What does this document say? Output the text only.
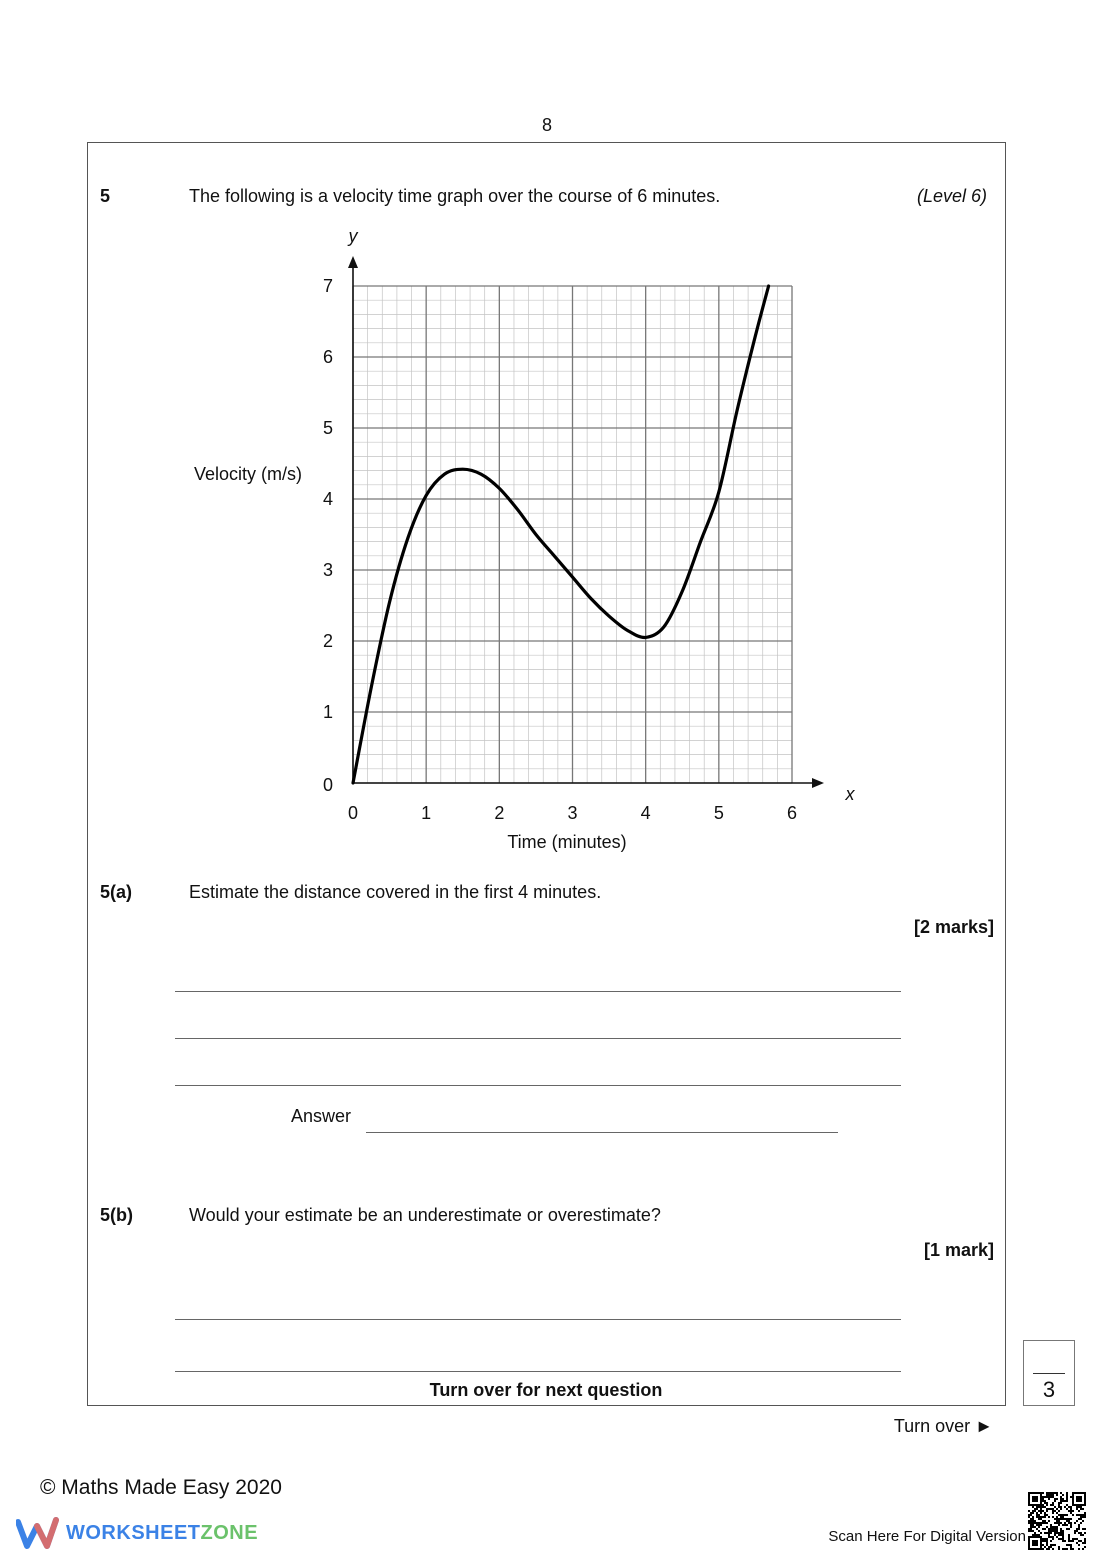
8
5	The following is a velocity time graph over the course of 6 minutes.	(Level 6)
0	1	2	3	4	5	6
0
1
2
3
4
5
6
7
Velocity (m/s)
Time (minutes)
y
x
5(a)	Estimate the distance covered in the first 4 minutes.
[2 marks]
Answer
5(b)	Would your estimate be an underestimate or overestimate?
[1 mark]
Turn over for next question	3
Turn over ►
© Maths Made Easy 2020
WORKSHEET ZONE	Scan Here For Digital Version
